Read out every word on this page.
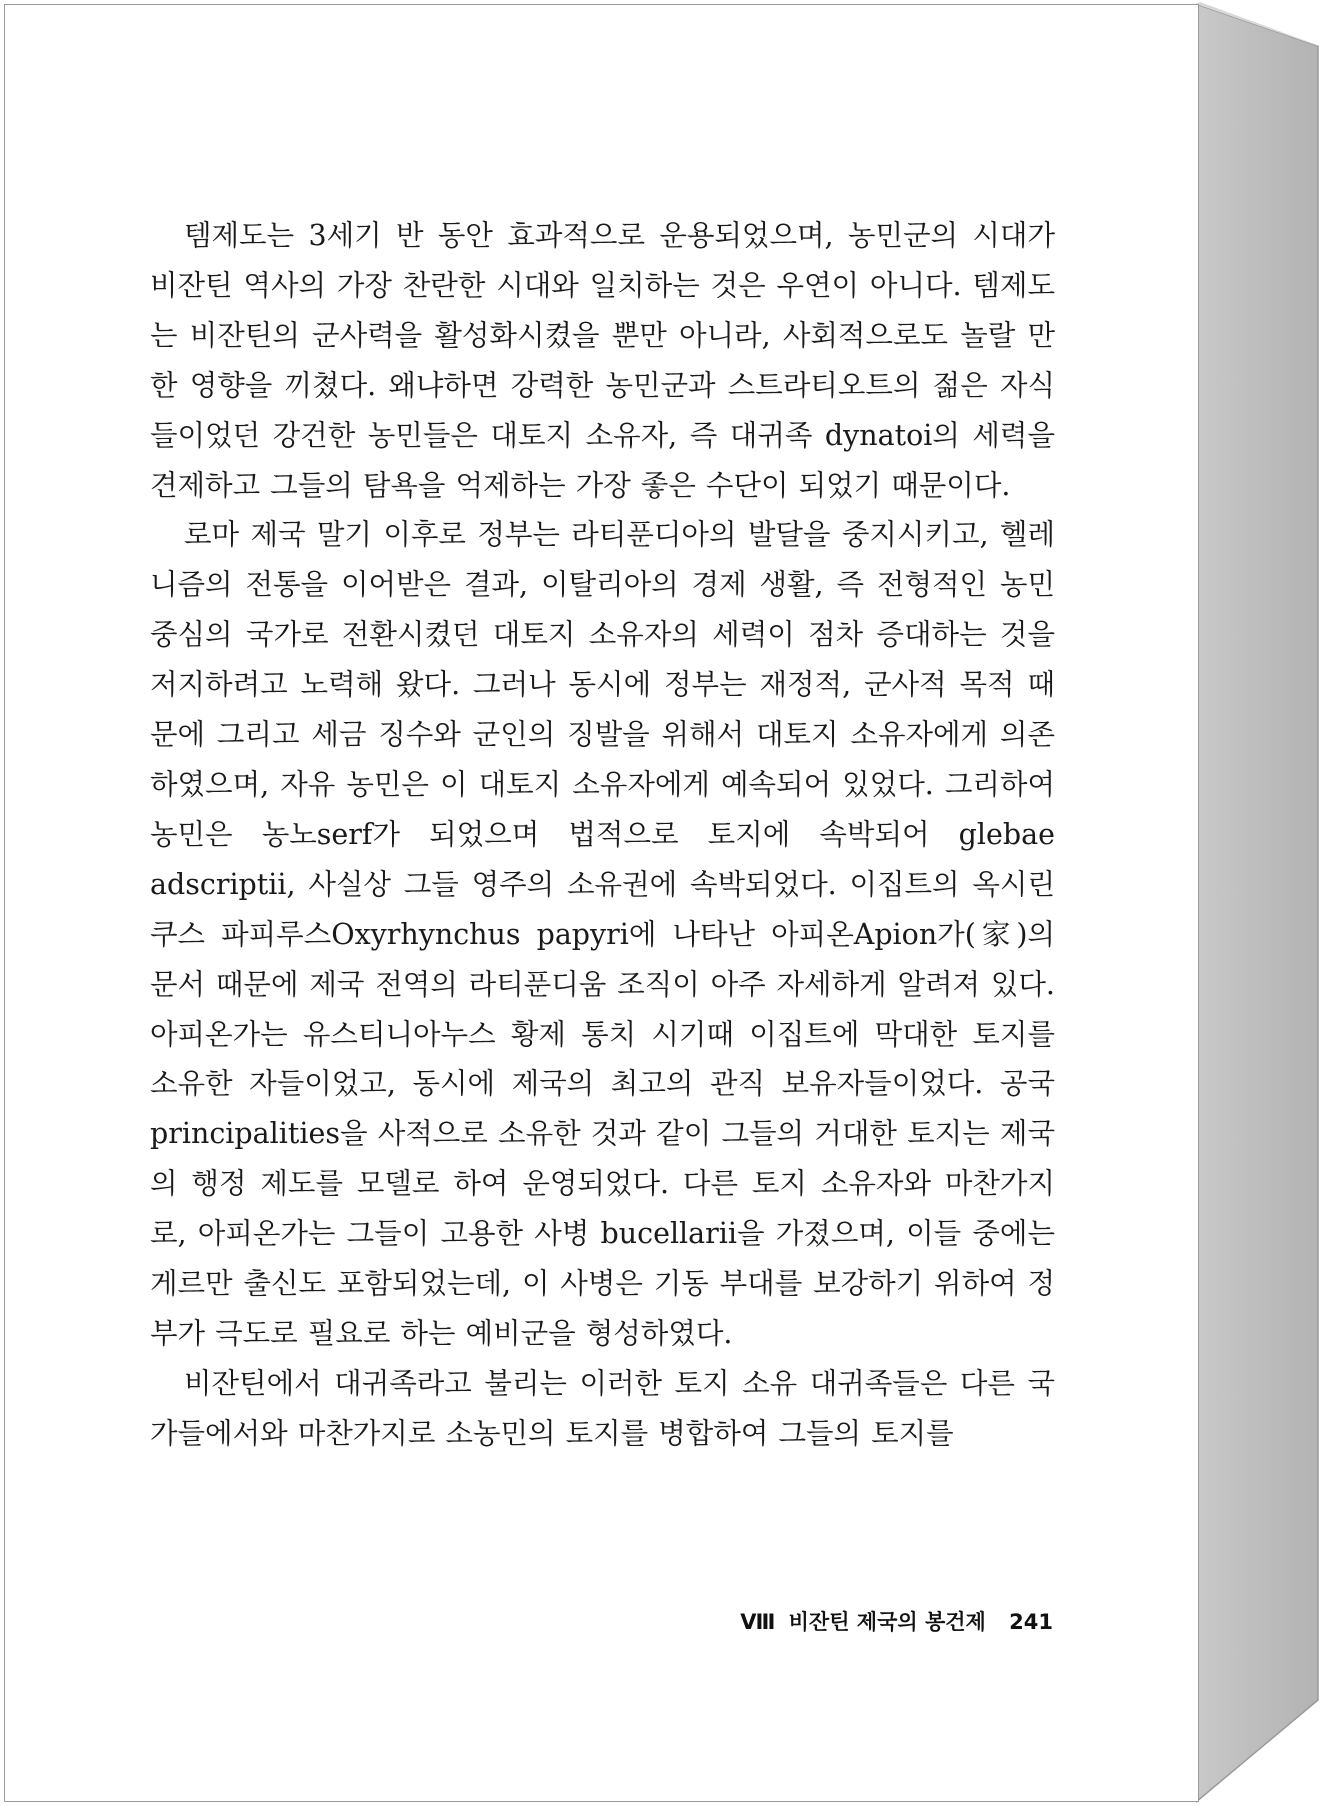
템제도는 3세기 반 동안 효과적으로 운용되었으며, 농민군의 시대가 비잔틴 역사의 가장 찬란한 시대와 일치하는 것은 우연이 아니다. 템제도는 비잔틴의 군사력을 활성화시켰을 뿐만 아니라, 사회적으로도 놀랄 만한 영향을 끼쳤다. 왜냐하면 강력한 농민군과 스트라티오트의 젊은 자식들이었던 강건한 농민들은 대토지 소유자, 즉 대귀족 dynatoi의 세력을 견제하고 그들의 탐욕을 억제하는 가장 좋은 수단이 되었기 때문이다.

로마 제국 말기 이후로 정부는 라티푼디아의 발달을 중지시키고, 헬레니즘의 전통을 이어받은 결과, 이탈리아의 경제 생활, 즉 전형적인 농민 중심의 국가로 전환시켰던 대토지 소유자의 세력이 점차 증대하는 것을 저지하려고 노력해 왔다. 그러나 동시에 정부는 재정적, 군사적 목적 때문에 그리고 세금 징수와 군인의 징발을 위해서 대토지 소유자에게 의존하였으며, 자유 농민은 이 대토지 소유자에게 예속되어 있었다. 그리하여 농민은 농노serf가 되었으며 법적으로 토지에 속박되어 glebae adscriptii, 사실상 그들 영주의 소유권에 속박되었다. 이집트의 옥시린쿠스 파피루스Oxyrhynchus papyri에 나타난 아피온Apion가(家)의 문서 때문에 제국 전역의 라티푼디움 조직이 아주 자세하게 알려져 있다. 아피온가는 유스티니아누스 황제 통치 시기때 이집트에 막대한 토지를 소유한 자들이었고, 동시에 제국의 최고의 관직 보유자들이었다. 공국principalities을 사적으로 소유한 것과 같이 그들의 거대한 토지는 제국의 행정 제도를 모델로 하여 운영되었다. 다른 토지 소유자와 마찬가지로, 아피온가는 그들이 고용한 사병 bucellarii을 가졌으며, 이들 중에는 게르만 출신도 포함되었는데, 이 사병은 기동 부대를 보강하기 위하여 정부가 극도로 필요로 하는 예비군을 형성하였다.

비잔틴에서 대귀족라고 불리는 이러한 토지 소유 대귀족들은 다른 국가들에서와 마찬가지로 소농민의 토지를 병합하여 그들의 토지를

Ⅷ 비잔틴 제국의 봉건제 241
